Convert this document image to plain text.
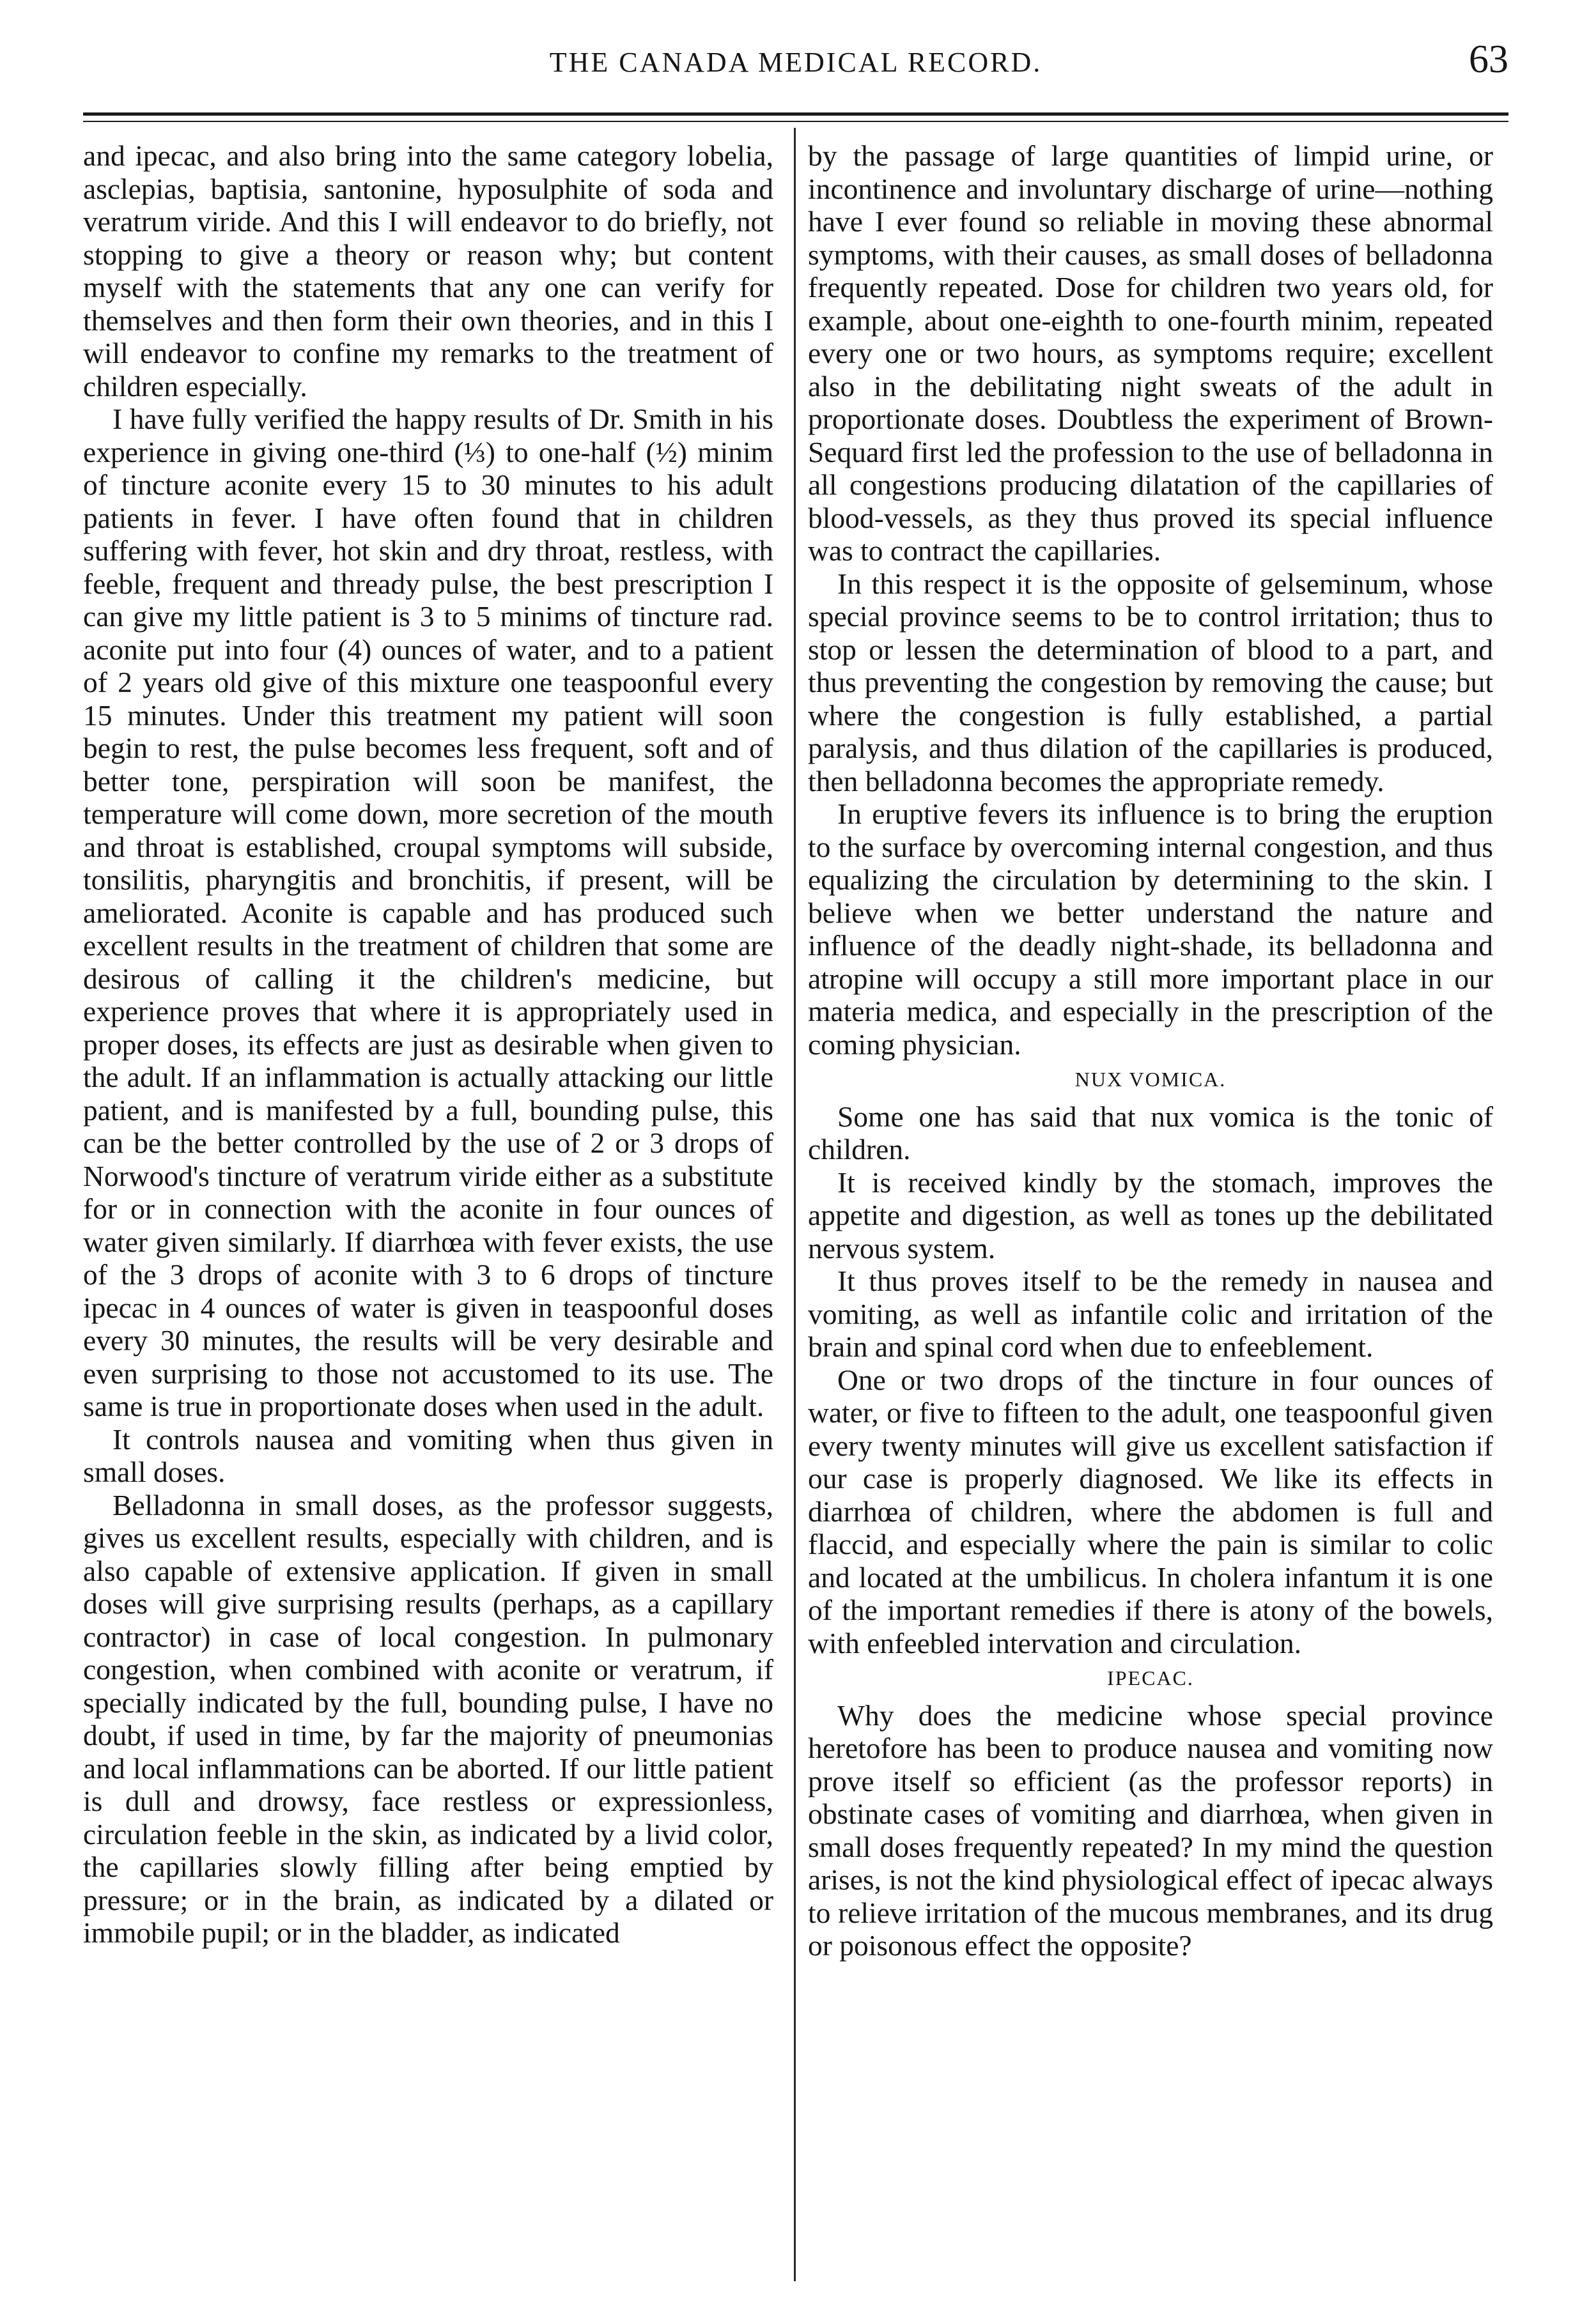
THE CANADA MEDICAL RECORD.	63

and ipecac, and also bring into the same category lobelia, asclepias, baptisia, santonine, hyposulphite of soda and veratrum viride. And this I will endeavor to do briefly, not stopping to give a theory or reason why; but content myself with the statements that any one can verify for themselves and then form their own theories, and in this I will endeavor to confine my remarks to the treatment of children especially.

I have fully verified the happy results of Dr. Smith in his experience in giving one-third (⅓) to one-half (½) minim of tincture aconite every 15 to 30 minutes to his adult patients in fever. I have often found that in children suffering with fever, hot skin and dry throat, restless, with feeble, frequent and thready pulse, the best prescription I can give my little patient is 3 to 5 minims of tincture rad. aconite put into four (4) ounces of water, and to a patient of 2 years old give of this mixture one teaspoonful every 15 minutes. Under this treatment my patient will soon begin to rest, the pulse becomes less frequent, soft and of better tone, perspiration will soon be manifest, the temperature will come down, more secretion of the mouth and throat is established, croupal symptoms will subside, tonsilitis, pharyngitis and bronchitis, if present, will be ameliorated. Aconite is capable and has produced such excellent results in the treatment of children that some are desirous of calling it the children's medicine, but experience proves that where it is appropriately used in proper doses, its effects are just as desirable when given to the adult. If an inflammation is actually attacking our little patient, and is manifested by a full, bounding pulse, this can be the better controlled by the use of 2 or 3 drops of Norwood's tincture of veratrum viride either as a substitute for or in connection with the aconite in four ounces of water given similarly. If diarrhœa with fever exists, the use of the 3 drops of aconite with 3 to 6 drops of tincture ipecac in 4 ounces of water is given in teaspoonful doses every 30 minutes, the results will be very desirable and even surprising to those not accustomed to its use. The same is true in proportionate doses when used in the adult.

It controls nausea and vomiting when thus given in small doses.

Belladonna in small doses, as the professor suggests, gives us excellent results, especially with children, and is also capable of extensive application. If given in small doses will give surprising results (perhaps, as a capillary contractor) in case of local congestion. In pulmonary congestion, when combined with aconite or veratrum, if specially indicated by the full, bounding pulse, I have no doubt, if used in time, by far the majority of pneumonias and local inflammations can be aborted. If our little patient is dull and drowsy, face restless or expressionless, circulation feeble in the skin, as indicated by a livid color, the capillaries slowly filling after being emptied by pressure; or in the brain, as indicated by a dilated or immobile pupil; or in the bladder, as indicated

by the passage of large quantities of limpid urine, or incontinence and involuntary discharge of urine—nothing have I ever found so reliable in moving these abnormal symptoms, with their causes, as small doses of belladonna frequently repeated. Dose for children two years old, for example, about one-eighth to one-fourth minim, repeated every one or two hours, as symptoms require; excellent also in the debilitating night sweats of the adult in proportionate doses. Doubtless the experiment of Brown-Sequard first led the profession to the use of belladonna in all congestions producing dilatation of the capillaries of blood-vessels, as they thus proved its special influence was to contract the capillaries.

In this respect it is the opposite of gelseminum, whose special province seems to be to control irritation; thus to stop or lessen the determination of blood to a part, and thus preventing the congestion by removing the cause; but where the congestion is fully established, a partial paralysis, and thus dilation of the capillaries is produced, then belladonna becomes the appropriate remedy.

In eruptive fevers its influence is to bring the eruption to the surface by overcoming internal congestion, and thus equalizing the circulation by determining to the skin. I believe when we better understand the nature and influence of the deadly night-shade, its belladonna and atropine will occupy a still more important place in our materia medica, and especially in the prescription of the coming physician.

NUX VOMICA.

Some one has said that nux vomica is the tonic of children.

It is received kindly by the stomach, improves the appetite and digestion, as well as tones up the debilitated nervous system.

It thus proves itself to be the remedy in nausea and vomiting, as well as infantile colic and irritation of the brain and spinal cord when due to enfeeblement.

One or two drops of the tincture in four ounces of water, or five to fifteen to the adult, one teaspoonful given every twenty minutes will give us excellent satisfaction if our case is properly diagnosed. We like its effects in diarrhœa of children, where the abdomen is full and flaccid, and especially where the pain is similar to colic and located at the umbilicus. In cholera infantum it is one of the important remedies if there is atony of the bowels, with enfeebled intervation and circulation.

IPECAC.

Why does the medicine whose special province heretofore has been to produce nausea and vomiting now prove itself so efficient (as the professor reports) in obstinate cases of vomiting and diarrhœa, when given in small doses frequently repeated? In my mind the question arises, is not the kind physiological effect of ipecac always to relieve irritation of the mucous membranes, and its drug or poisonous effect the opposite?
